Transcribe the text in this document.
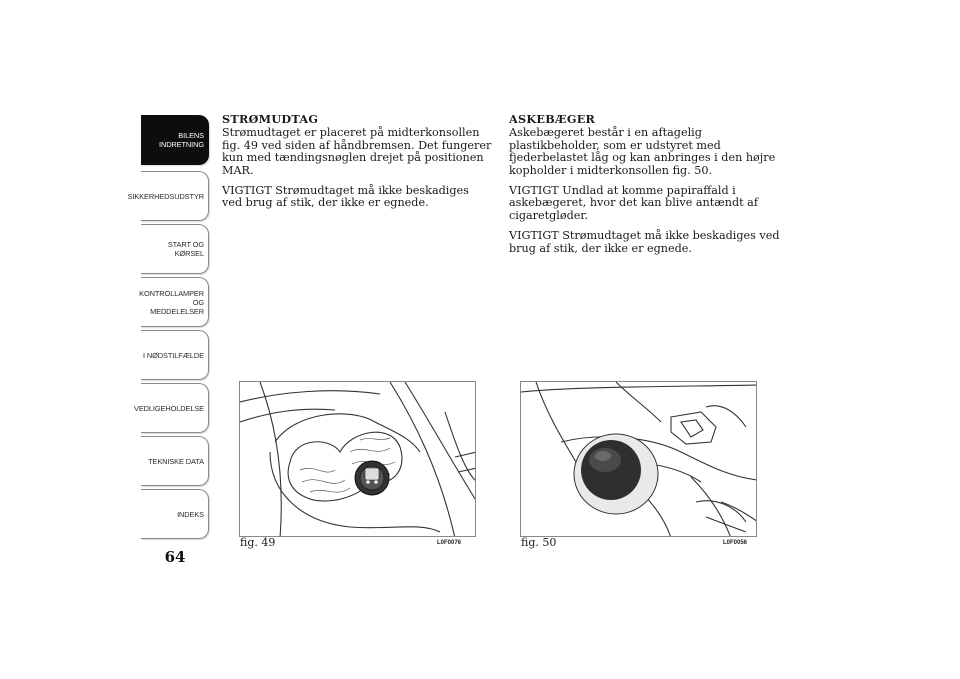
BILENS
INDRETNING
SIKKERHEDSUDSTYR
START OG KØRSEL
KONTROLLAMPER
OG MEDDELELSER
I NØDSTILFÆLDE
VEDLIGEHOLDELSE
TEKNISKE DATA
INDEKS
64
STRØMUDTAG

Strømudtaget er placeret på midterkonsollen fig. 49 ved siden af håndbremsen. Det fungerer kun med tændingsnøglen drejet på positionen MAR.

VIGTIGT Strømudtaget må ikke beskadiges ved brug af stik, der ikke er egnede.

ASKEBÆGER

Askebægeret består i en aftagelig plastikbeholder, som er udstyret med fjederbelastet låg og kan anbringes i den højre kopholder i midterkonsollen fig. 50.

VIGTIGT Undlad at komme papiraffald i askebægeret, hvor det kan blive antændt af cigaretgløder.

VIGTIGT Strømudtaget må ikke beskadiges ved brug af stik, der ikke er egnede.

fig. 49	L0F0076	fig. 50	L0F0056
